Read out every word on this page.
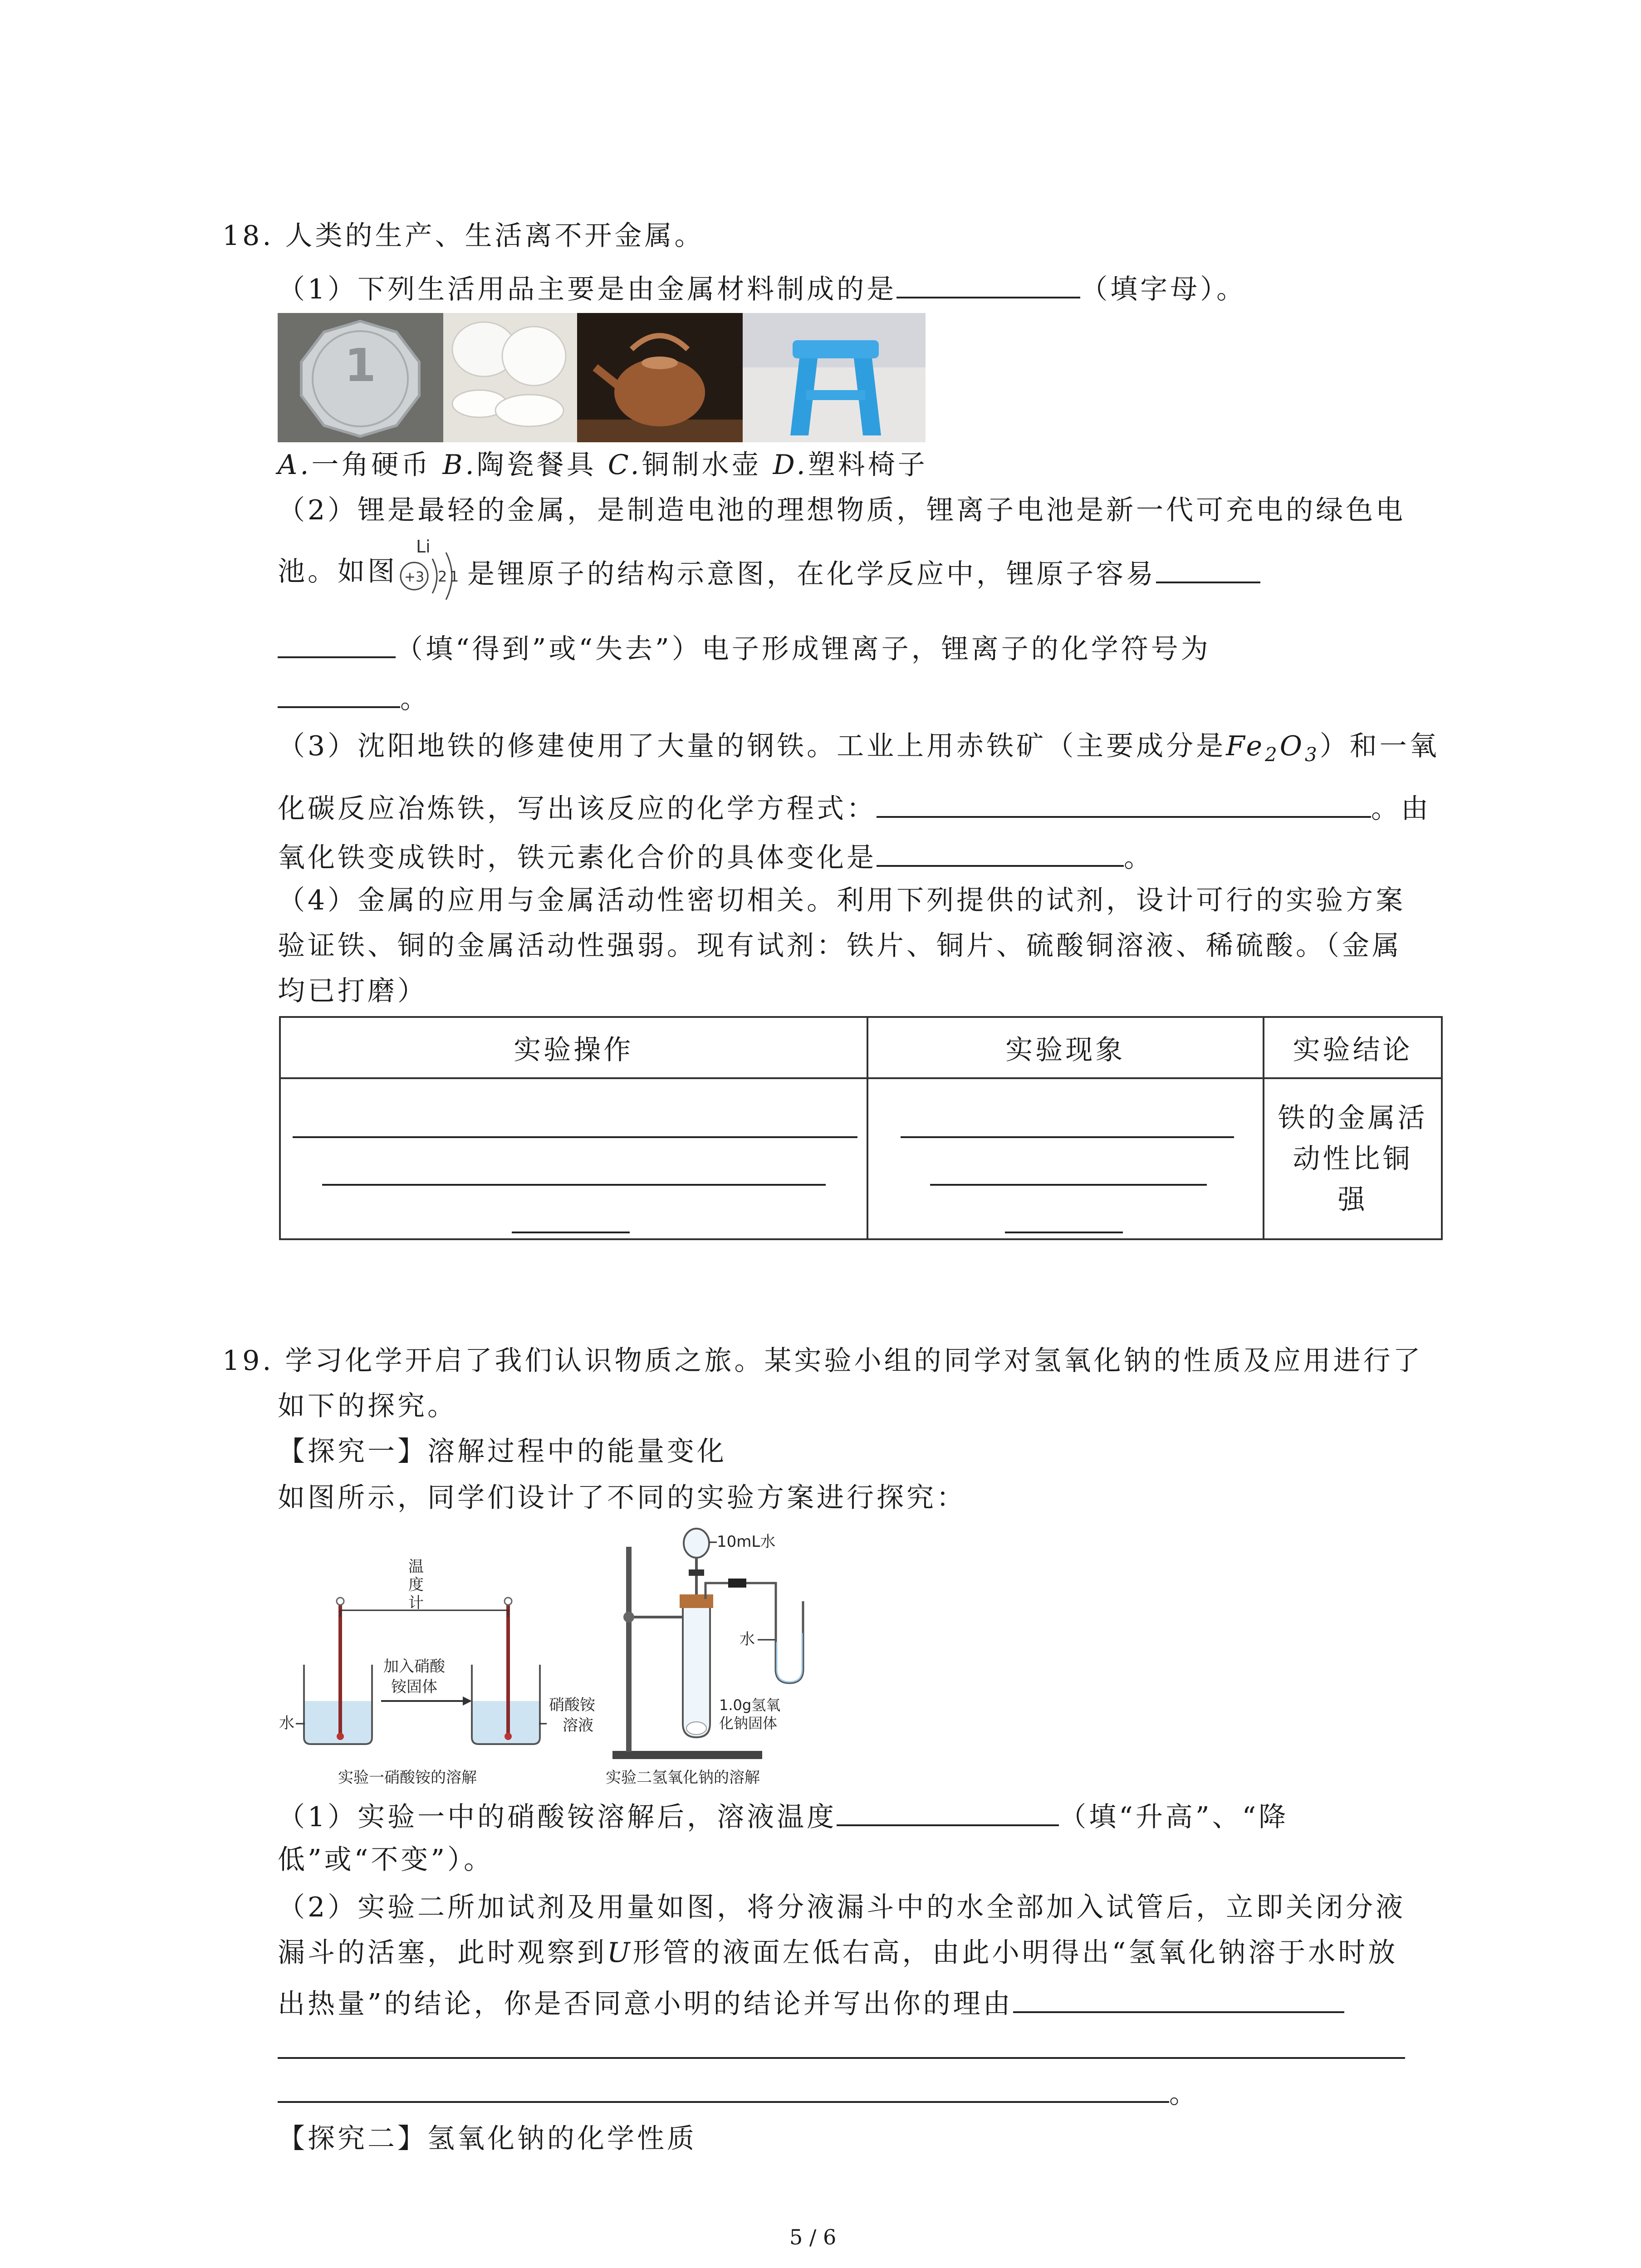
18. 人类的生产、生活离不开金属。
（1）下列生活用品主要是由金属材料制成的是	（填字母）。
1
A.一角硬币 B.陶瓷餐具 C.铜制水壶 D.塑料椅子
（2）锂是最轻的金属，是制造电池的理想物质，锂离子电池是新一代可充电的绿色电
池。如图
Li
+3 2 1 是锂原子的结构示意图，在化学反应中，锂原子容易
（填“得到”或“失去”）电子形成锂离子，锂离子的化学符号为
。
（3）沈阳地铁的修建使用了大量的钢铁。工业上用赤铁矿（主要成分是$Fe_2O_3$）和一氧
化碳反应冶炼铁，写出该反应的化学方程式：	。由
氧化铁变成铁时，铁元素化合价的具体变化是	。
（4）金属的应用与金属活动性密切相关。利用下列提供的试剂，设计可行的实验方案
验证铁、铜的金属活动性强弱。现有试剂：铁片、铜片、硫酸铜溶液、稀硫酸。（金属
均已打磨）
实验操作	实验现象	实验结论

		铁的金属活
动性比铜
强
19. 学习化学开启了我们认识物质之旅。某实验小组的同学对氢氧化钠的性质及应用进行了
如下的探究。
【探究一】溶解过程中的能量变化
如图所示，同学们设计了不同的实验方案进行探究：
水
温
度
计
加入硝酸
铵固体
硝酸铵
溶液
实验一硝酸铵的溶解
10mL水
水
1.0g氢氧
化钠固体
实验二氢氧化钠的溶解
（1）实验一中的硝酸铵溶解后，溶液温度	（填“升高”、“降
低”或“不变”）。
（2）实验二所加试剂及用量如图，将分液漏斗中的水全部加入试管后，立即关闭分液
漏斗的活塞，此时观察到U形管的液面左低右高，由此小明得出“氢氧化钠溶于水时放
出热量”的结论，你是否同意小明的结论并写出你的理由
。
【探究二】氢氧化钠的化学性质
5 / 6
